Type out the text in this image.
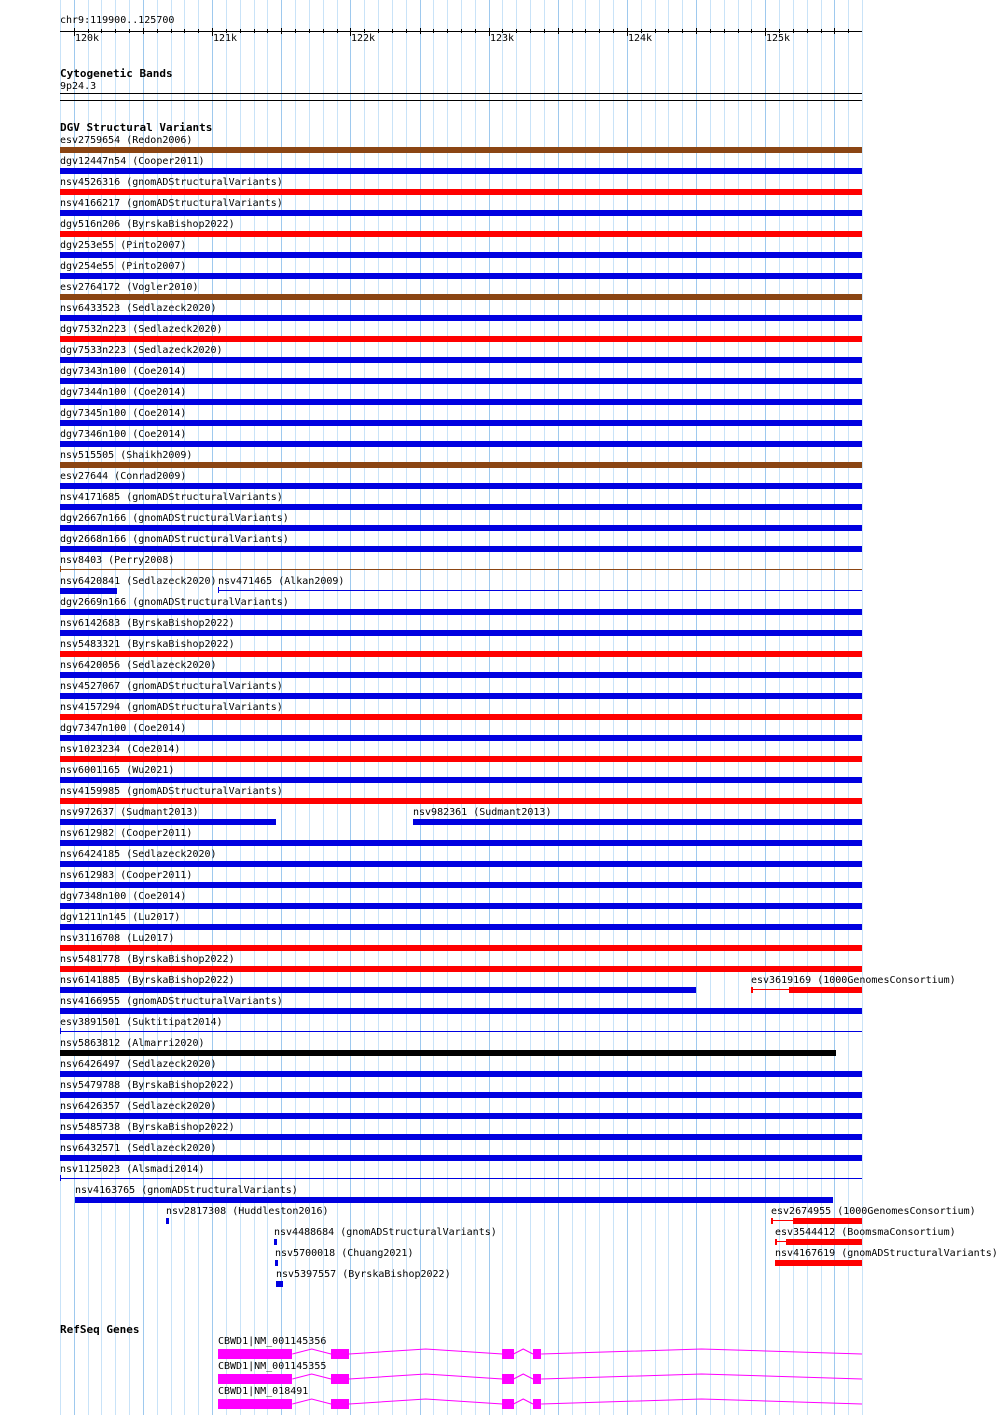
chr9:119900..125700
120k	121k	122k	123k	124k	125k
Cytogenetic Bands
9p24.3
DGV Structural Variants
esv2759654 (Redon2006)
dgv12447n54 (Cooper2011)
nsv4526316 (gnomADStructuralVariants)
nsv4166217 (gnomADStructuralVariants)
dgv516n206 (ByrskaBishop2022)
dgv253e55 (Pinto2007)
dgv254e55 (Pinto2007)
esv2764172 (Vogler2010)
nsv6433523 (Sedlazeck2020)
dgv7532n223 (Sedlazeck2020)
dgv7533n223 (Sedlazeck2020)
dgv7343n100 (Coe2014)
dgv7344n100 (Coe2014)
dgv7345n100 (Coe2014)
dgv7346n100 (Coe2014)
nsv515505 (Shaikh2009)
esv27644 (Conrad2009)
nsv4171685 (gnomADStructuralVariants)
dgv2667n166 (gnomADStructuralVariants)
dgv2668n166 (gnomADStructuralVariants)
nsv8403 (Perry2008)
nsv6420841 (Sedlazeck2020) nsv471465 (Alkan2009)
dgv2669n166 (gnomADStructuralVariants)
nsv6142683 (ByrskaBishop2022)
nsv5483321 (ByrskaBishop2022)
nsv6420056 (Sedlazeck2020)
nsv4527067 (gnomADStructuralVariants)
nsv4157294 (gnomADStructuralVariants)
dgv7347n100 (Coe2014)
nsv1023234 (Coe2014)
nsv6001165 (Wu2021)
nsv4159985 (gnomADStructuralVariants)
nsv972637 (Sudmant2013)	nsv982361 (Sudmant2013)
nsv612982 (Cooper2011)
nsv6424185 (Sedlazeck2020)
nsv612983 (Cooper2011)
dgv7348n100 (Coe2014)
dgv1211n145 (Lu2017)
nsv3116708 (Lu2017)
nsv5481778 (ByrskaBishop2022)
nsv6141885 (ByrskaBishop2022)	esv3619169 (1000GenomesConsortium)
nsv4166955 (gnomADStructuralVariants)
esv3891501 (Suktitipat2014)
nsv5863812 (Almarri2020)
nsv6426497 (Sedlazeck2020)
nsv5479788 (ByrskaBishop2022)
nsv6426357 (Sedlazeck2020)
nsv5485738 (ByrskaBishop2022)
nsv6432571 (Sedlazeck2020)
nsv1125023 (Alsmadi2014)
nsv4163765 (gnomADStructuralVariants)
nsv2817308 (Huddleston2016)	esv2674955 (1000GenomesConsortium)
nsv4488684 (gnomADStructuralVariants)	esv3544412 (BoomsmaConsortium)
nsv5700018 (Chuang2021)	nsv4167619 (gnomADStructuralVariants)
nsv5397557 (ByrskaBishop2022)
RefSeq Genes
CBWD1|NM_001145356
CBWD1|NM_001145355
CBWD1|NM_018491
